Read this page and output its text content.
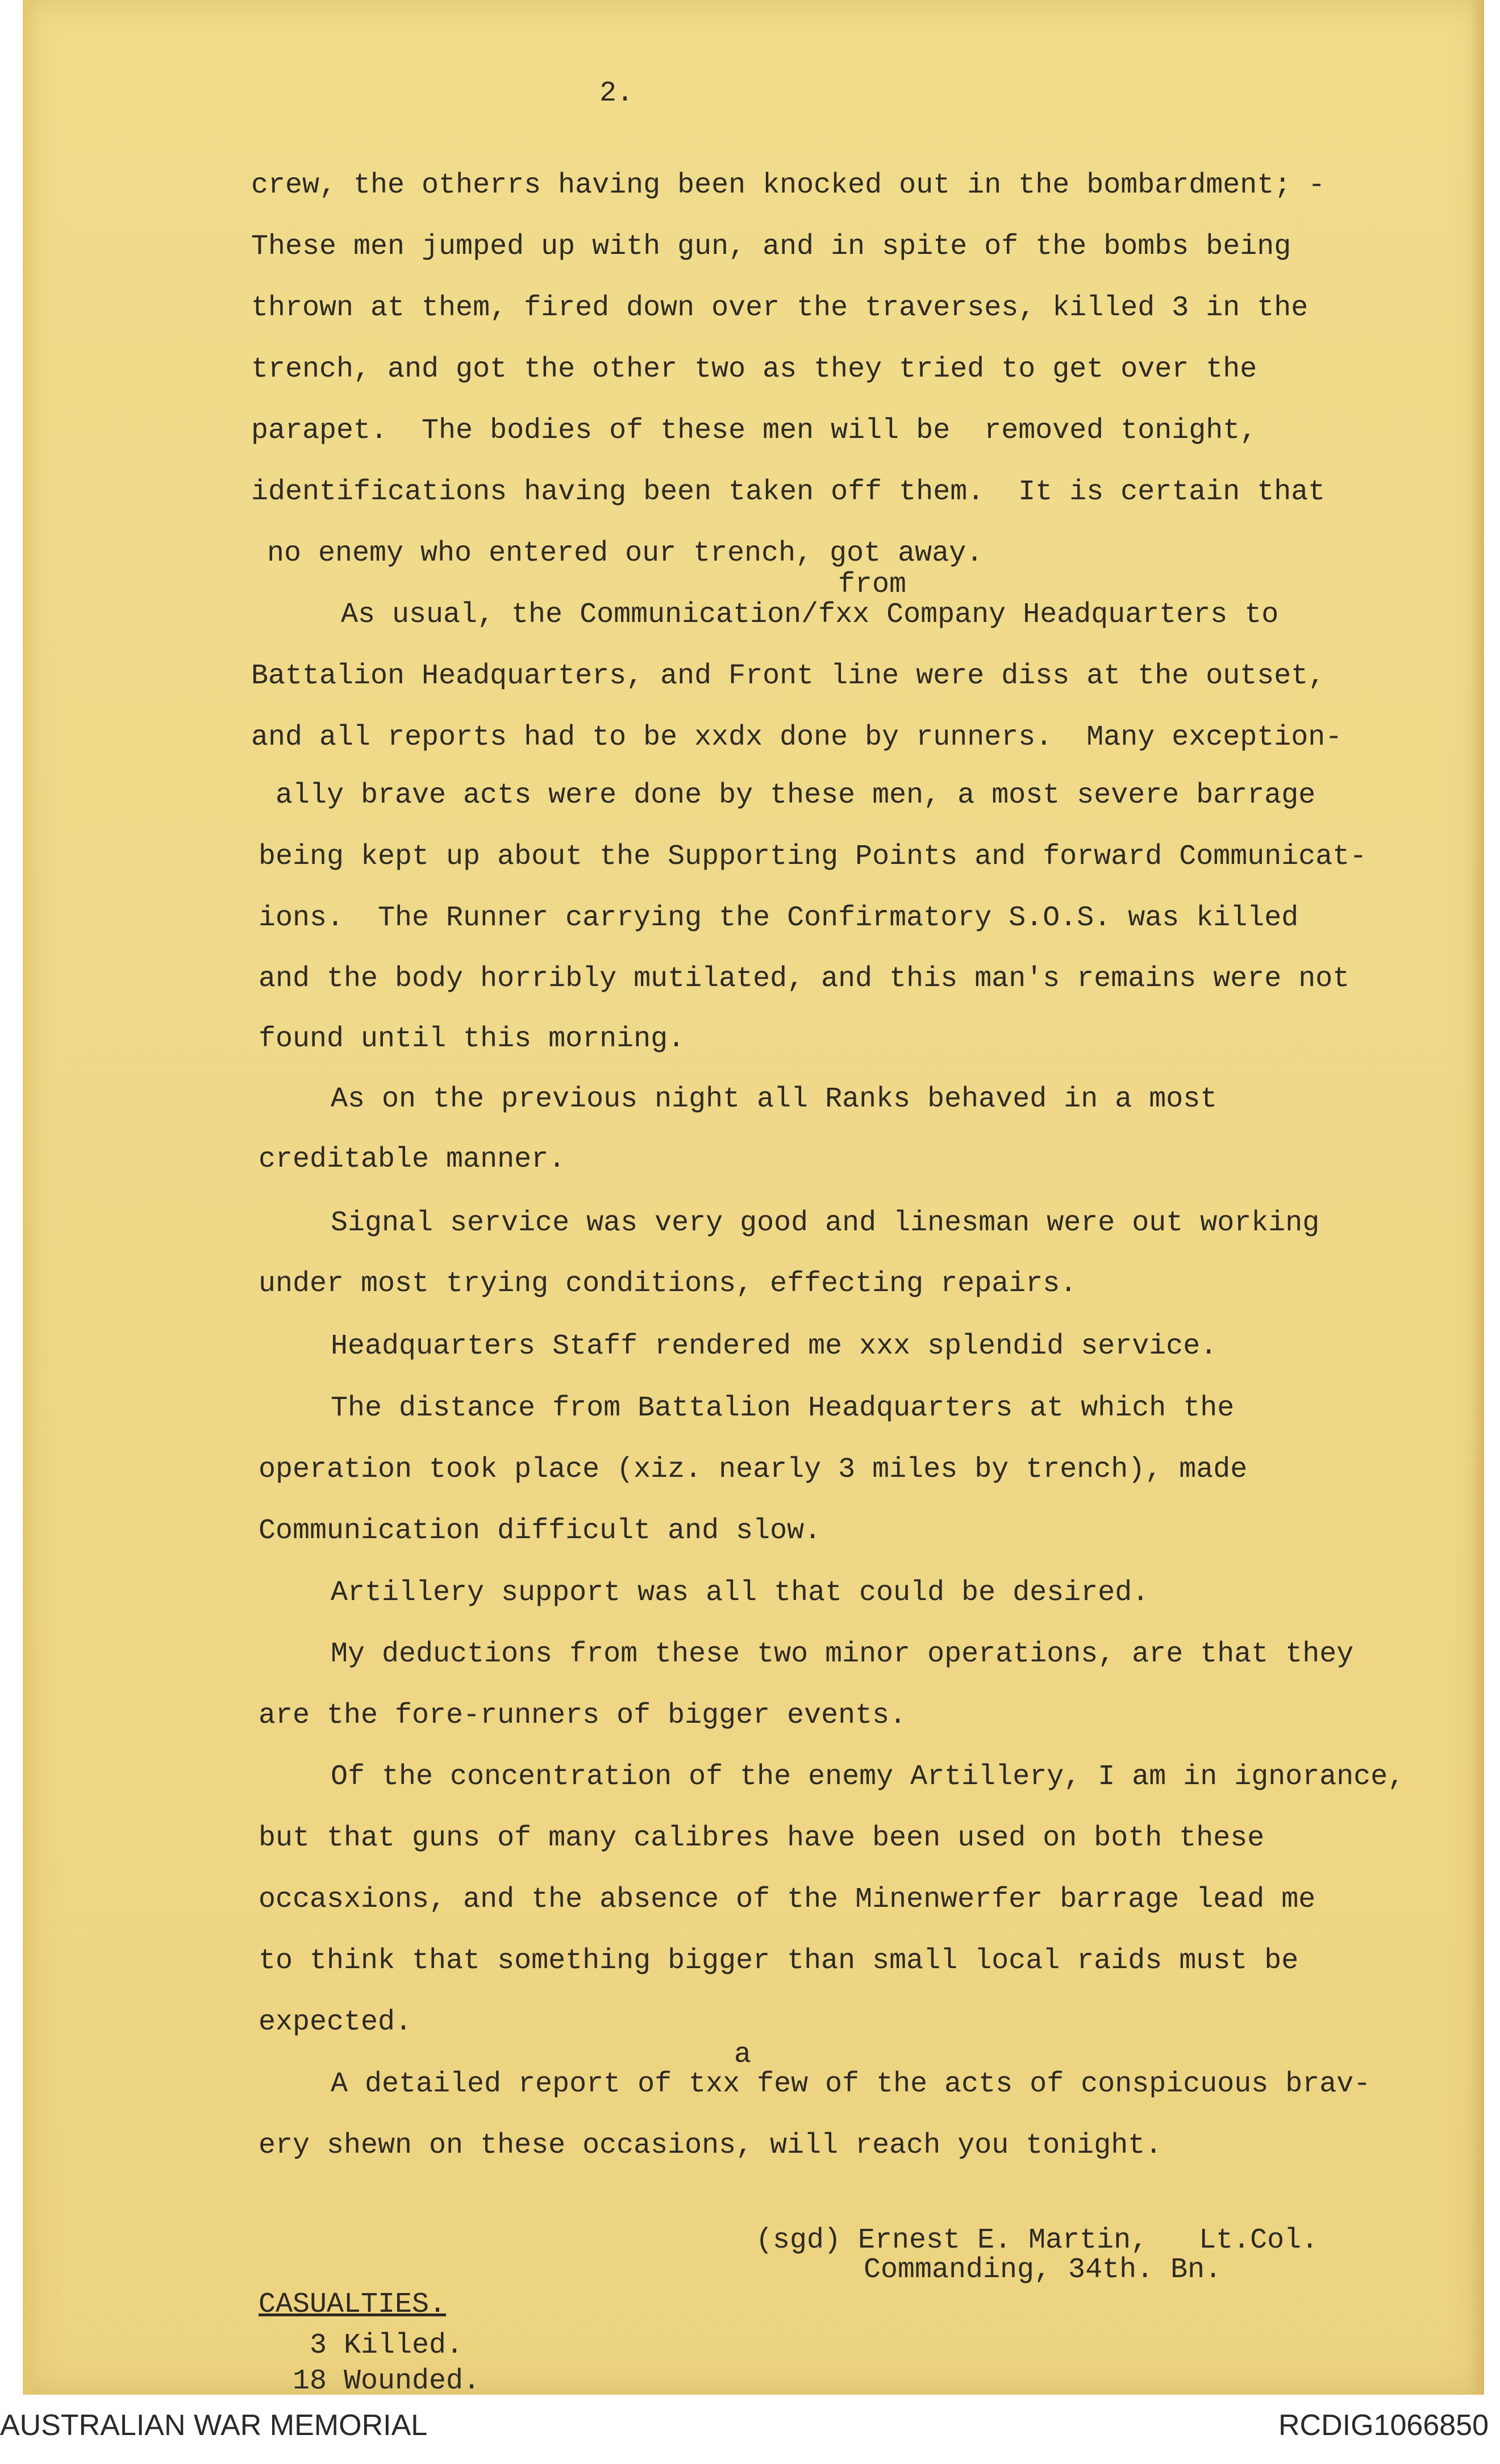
2.
crew, the otherrs having been knocked out in the bombardment; -
These men jumped up with gun, and in spite of the bombs being
thrown at them, fired down over the traverses, killed 3 in the
trench, and got the other two as they tried to get over the
parapet.  The bodies of these men will be  removed tonight,
identifications having been taken off them.  It is certain that
no enemy who entered our trench, got away.
from
As usual, the Communication/fxx Company Headquarters to
Battalion Headquarters, and Front line were diss at the outset,
and all reports had to be xxdx done by runners.  Many exception-
ally brave acts were done by these men, a most severe barrage
being kept up about the Supporting Points and forward Communicat-
ions.  The Runner carrying the Confirmatory S.O.S. was killed
and the body horribly mutilated, and this man's remains were not
found until this morning.
As on the previous night all Ranks behaved in a most
creditable manner.
Signal service was very good and linesman were out working
under most trying conditions, effecting repairs.
Headquarters Staff rendered me xxx splendid service.
The distance from Battalion Headquarters at which the
operation took place (xiz. nearly 3 miles by trench), made
Communication difficult and slow.
Artillery support was all that could be desired.
My deductions from these two minor operations, are that they
are the fore-runners of bigger events.
Of the concentration of the enemy Artillery, I am in ignorance,
but that guns of many calibres have been used on both these
occasxions, and the absence of the Minenwerfer barrage lead me
to think that something bigger than small local raids must be
expected.
a
A detailed report of txx few of the acts of conspicuous brav-
ery shewn on these occasions, will reach you tonight.
(sgd) Ernest E. Martin,   Lt.Col.
Commanding, 34th. Bn.
CASUALTIES.
3 Killed.
18 Wounded.
AUSTRALIAN WAR MEMORIAL	RCDIG1066850
